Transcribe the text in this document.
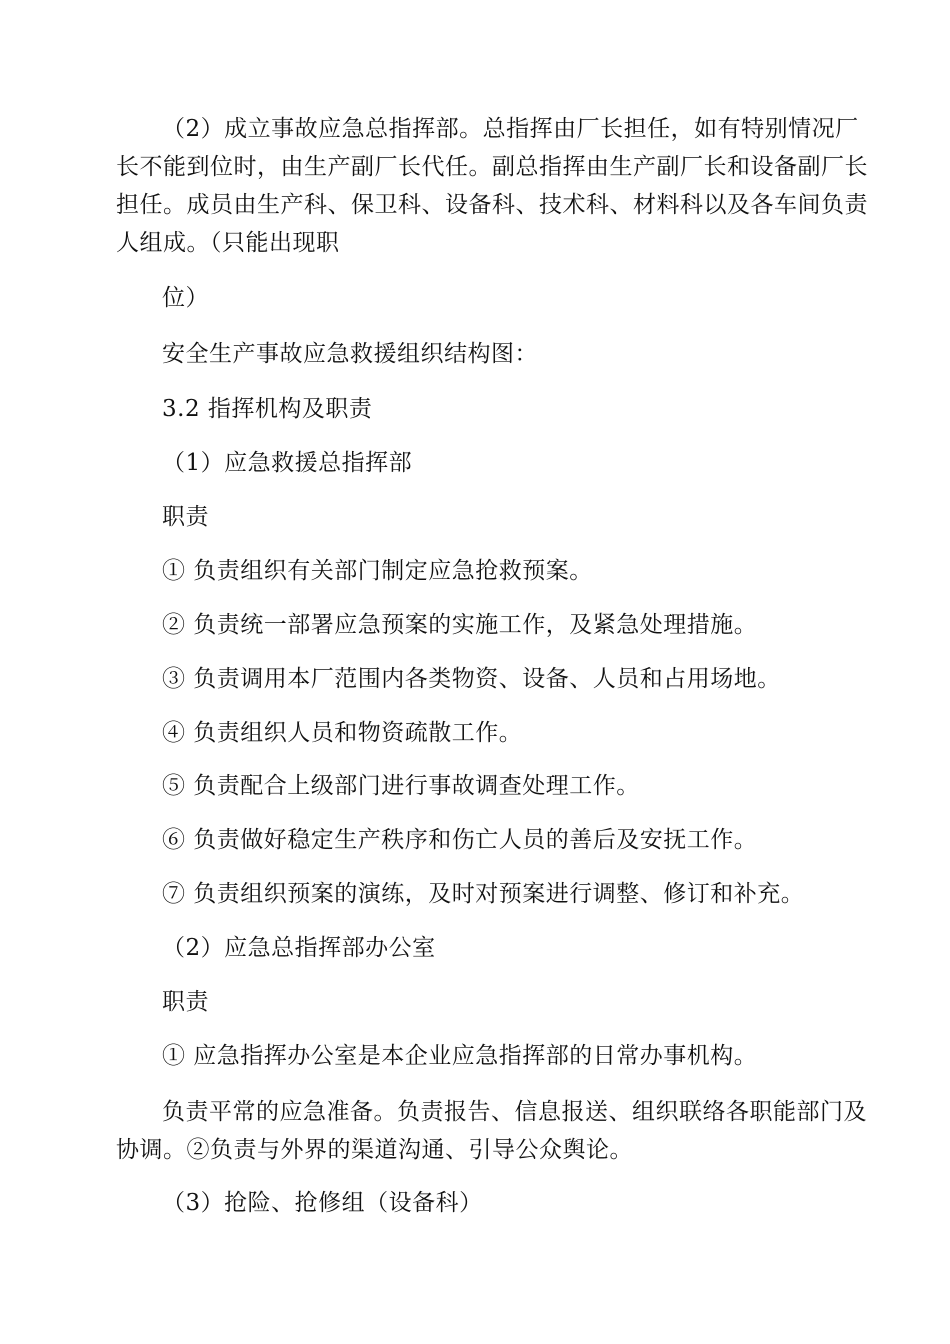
（2）成立事故应急总指挥部。总指挥由厂长担任，如有特别情况厂
长不能到位时，由生产副厂长代任。副总指挥由生产副厂长和设备副厂长
担任。成员由生产科、保卫科、设备科、技术科、材料科以及各车间负责
人组成。（只能出现职
位）
安全生产事故应急救援组织结构图：
3.2 指挥机构及职责
（1）应急救援总指挥部
职责
① 负责组织有关部门制定应急抢救预案。
② 负责统一部署应急预案的实施工作，及紧急处理措施。
③ 负责调用本厂范围内各类物资、设备、人员和占用场地。
④ 负责组织人员和物资疏散工作。
⑤ 负责配合上级部门进行事故调查处理工作。
⑥ 负责做好稳定生产秩序和伤亡人员的善后及安抚工作。
⑦ 负责组织预案的演练，及时对预案进行调整、修订和补充。
（2）应急总指挥部办公室
职责
① 应急指挥办公室是本企业应急指挥部的日常办事机构。
负责平常的应急准备。负责报告、信息报送、组织联络各职能部门及
协调。②负责与外界的渠道沟通、引导公众舆论。
（3）抢险、抢修组（设备科）
